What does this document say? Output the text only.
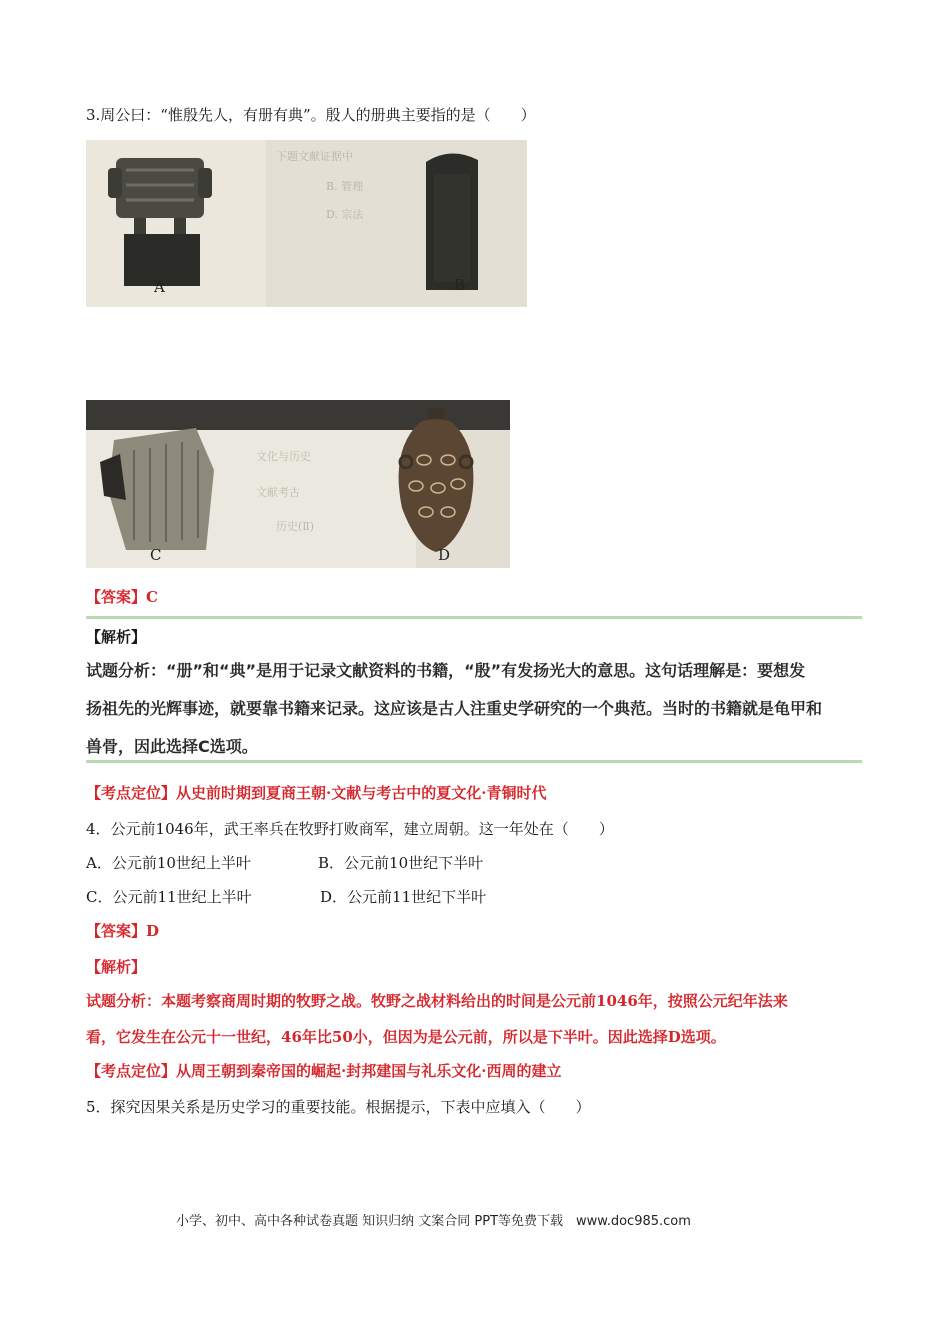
3.周公曰：“惟殷先人，有册有典”。殷人的册典主要指的是（　　）
下题文献证据中
B. 管理
D. 宗法
A	B
文化与历史
文献考古
历史(Ⅱ)
C	D
【答案】C
【解析】
试题分析：“册”和“典”是用于记录文献资料的书籍，“殷”有发扬光大的意思。这句话理解是：要想发
扬祖先的光辉事迹，就要靠书籍来记录。这应该是古人注重史学研究的一个典范。当时的书籍就是龟甲和
兽骨，因此选择C选项。
【考点定位】从史前时期到夏商王朝·文献与考古中的夏文化·青铜时代
4．公元前1046年，武王率兵在牧野打败商军，建立周朝。这一年处在（　　）
A．公元前10世纪上半叶	B．公元前10世纪下半叶
C．公元前11世纪上半叶	D．公元前11世纪下半叶
【答案】D
【解析】
试题分析：本题考察商周时期的牧野之战。牧野之战材料给出的时间是公元前1046年，按照公元纪年法来
看，它发生在公元十一世纪，46年比50小，但因为是公元前，所以是下半叶。因此选择D选项。
【考点定位】从周王朝到秦帝国的崛起·封邦建国与礼乐文化·西周的建立
5．探究因果关系是历史学习的重要技能。根据提示，下表中应填入（　　）
小学、初中、高中各种试卷真题 知识归纳 文案合同 PPT等免费下载　www.doc985.com
